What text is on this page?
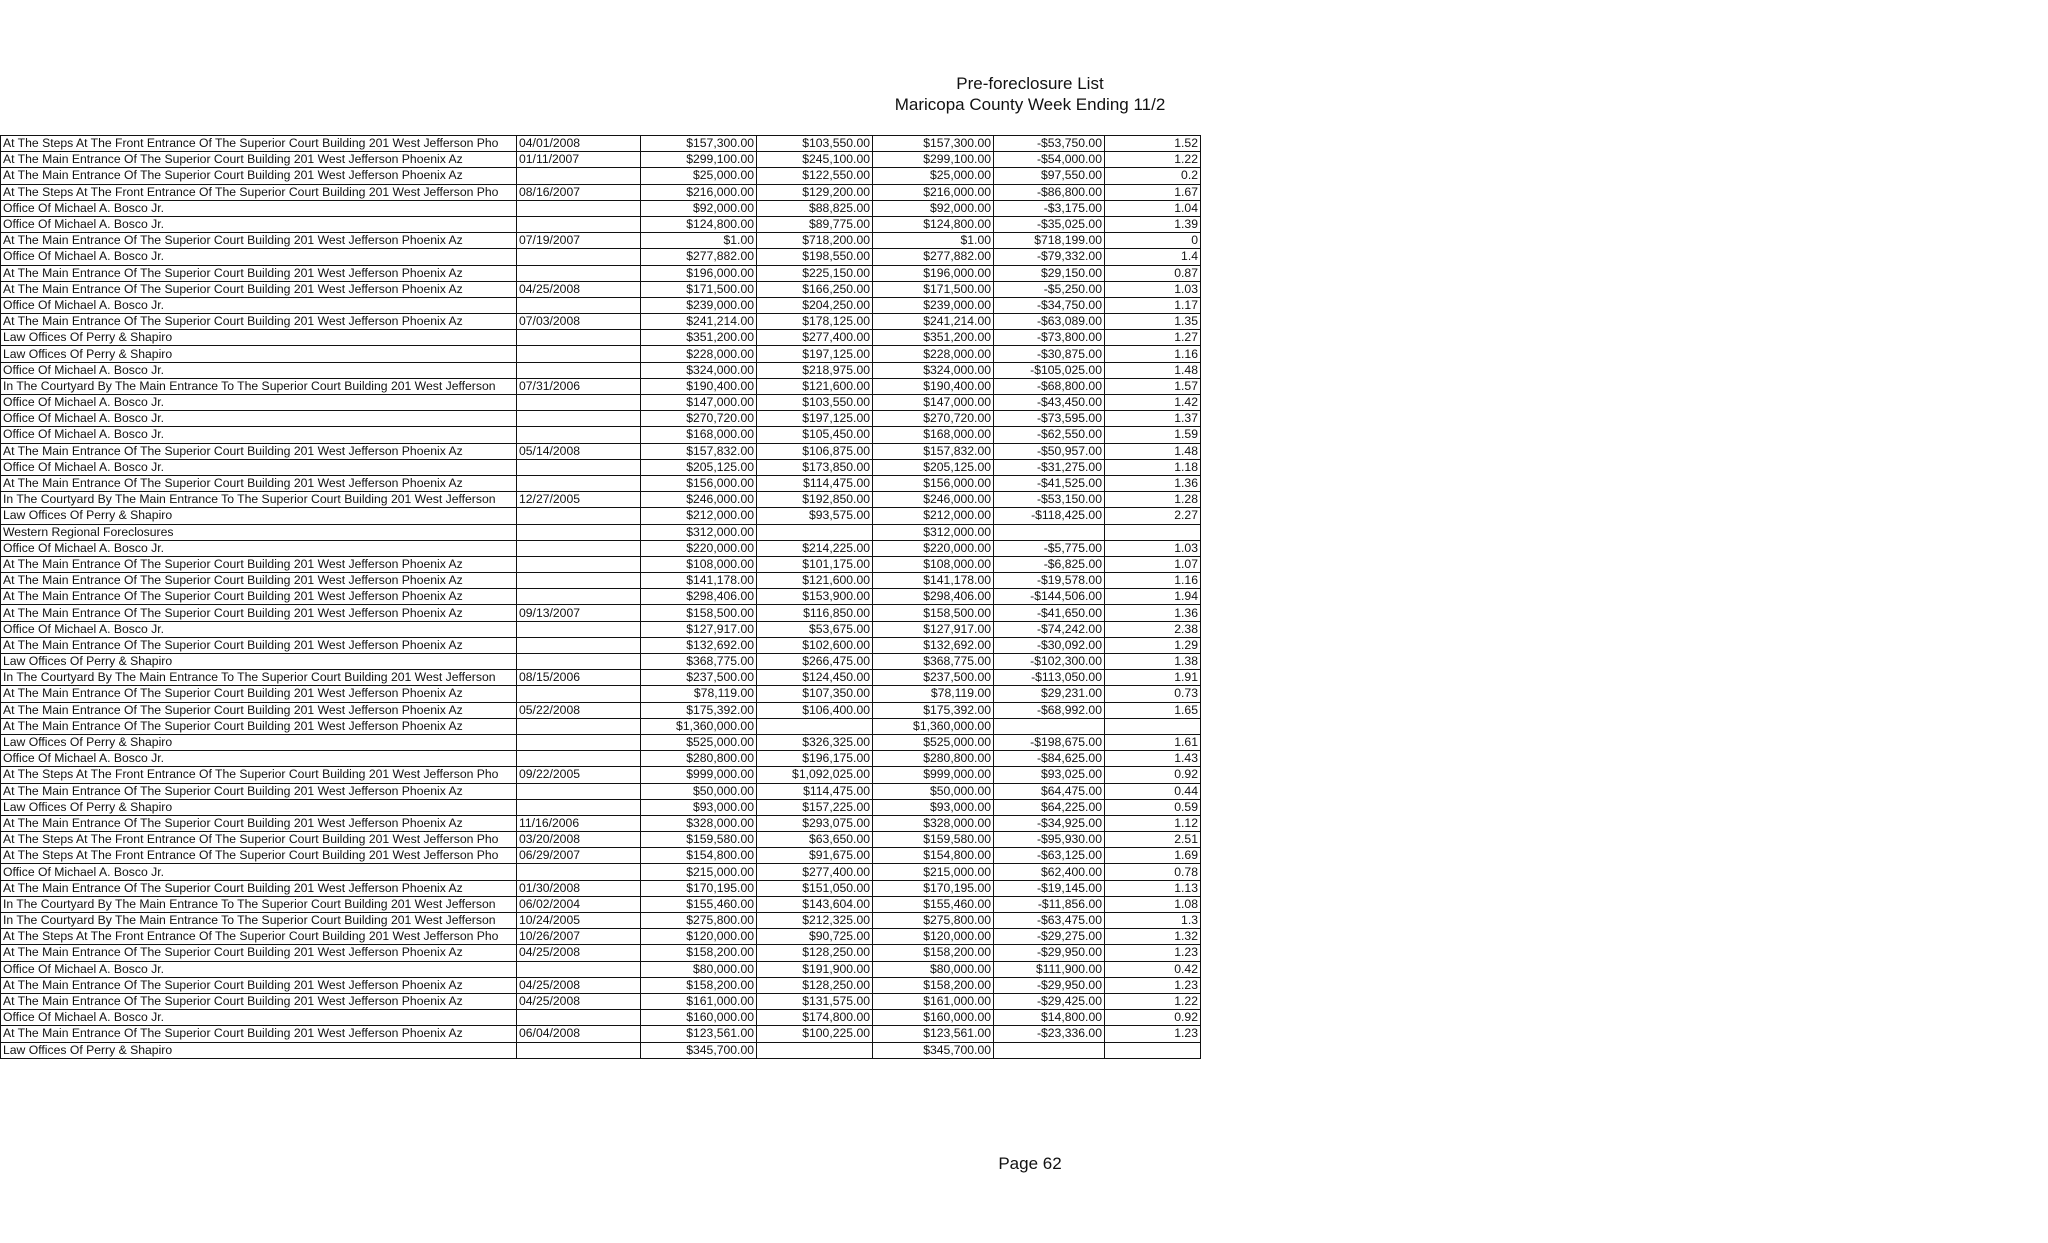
Pre-foreclosure List
Maricopa County Week Ending 11/2
At The Steps At The Front Entrance Of The Superior Court Building 201 West Jefferson Pho	04/01/2008	$157,300.00	$103,550.00	$157,300.00	-$53,750.00	1.52
At The Main Entrance Of The Superior Court Building 201 West Jefferson Phoenix Az	01/11/2007	$299,100.00	$245,100.00	$299,100.00	-$54,000.00	1.22
At The Main Entrance Of The Superior Court Building 201 West Jefferson Phoenix Az		$25,000.00	$122,550.00	$25,000.00	$97,550.00	0.2
At The Steps At The Front Entrance Of The Superior Court Building 201 West Jefferson Pho	08/16/2007	$216,000.00	$129,200.00	$216,000.00	-$86,800.00	1.67
Office Of Michael A. Bosco Jr.		$92,000.00	$88,825.00	$92,000.00	-$3,175.00	1.04
Office Of Michael A. Bosco Jr.		$124,800.00	$89,775.00	$124,800.00	-$35,025.00	1.39
At The Main Entrance Of The Superior Court Building 201 West Jefferson Phoenix Az	07/19/2007	$1.00	$718,200.00	$1.00	$718,199.00	0
Office Of Michael A. Bosco Jr.		$277,882.00	$198,550.00	$277,882.00	-$79,332.00	1.4
At The Main Entrance Of The Superior Court Building 201 West Jefferson Phoenix Az		$196,000.00	$225,150.00	$196,000.00	$29,150.00	0.87
At The Main Entrance Of The Superior Court Building 201 West Jefferson Phoenix Az	04/25/2008	$171,500.00	$166,250.00	$171,500.00	-$5,250.00	1.03
Office Of Michael A. Bosco Jr.		$239,000.00	$204,250.00	$239,000.00	-$34,750.00	1.17
At The Main Entrance Of The Superior Court Building 201 West Jefferson Phoenix Az	07/03/2008	$241,214.00	$178,125.00	$241,214.00	-$63,089.00	1.35
Law Offices Of Perry & Shapiro		$351,200.00	$277,400.00	$351,200.00	-$73,800.00	1.27
Law Offices Of Perry & Shapiro		$228,000.00	$197,125.00	$228,000.00	-$30,875.00	1.16
Office Of Michael A. Bosco Jr.		$324,000.00	$218,975.00	$324,000.00	-$105,025.00	1.48
In The Courtyard By The Main Entrance To The Superior Court Building 201 West Jefferson	07/31/2006	$190,400.00	$121,600.00	$190,400.00	-$68,800.00	1.57
Office Of Michael A. Bosco Jr.		$147,000.00	$103,550.00	$147,000.00	-$43,450.00	1.42
Office Of Michael A. Bosco Jr.		$270,720.00	$197,125.00	$270,720.00	-$73,595.00	1.37
Office Of Michael A. Bosco Jr.		$168,000.00	$105,450.00	$168,000.00	-$62,550.00	1.59
At The Main Entrance Of The Superior Court Building 201 West Jefferson Phoenix Az	05/14/2008	$157,832.00	$106,875.00	$157,832.00	-$50,957.00	1.48
Office Of Michael A. Bosco Jr.		$205,125.00	$173,850.00	$205,125.00	-$31,275.00	1.18
At The Main Entrance Of The Superior Court Building 201 West Jefferson Phoenix Az		$156,000.00	$114,475.00	$156,000.00	-$41,525.00	1.36
In The Courtyard By The Main Entrance To The Superior Court Building 201 West Jefferson	12/27/2005	$246,000.00	$192,850.00	$246,000.00	-$53,150.00	1.28
Law Offices Of Perry & Shapiro		$212,000.00	$93,575.00	$212,000.00	-$118,425.00	2.27
Western Regional Foreclosures		$312,000.00		$312,000.00		
Office Of Michael A. Bosco Jr.		$220,000.00	$214,225.00	$220,000.00	-$5,775.00	1.03
At The Main Entrance Of The Superior Court Building 201 West Jefferson Phoenix Az		$108,000.00	$101,175.00	$108,000.00	-$6,825.00	1.07
At The Main Entrance Of The Superior Court Building 201 West Jefferson Phoenix Az		$141,178.00	$121,600.00	$141,178.00	-$19,578.00	1.16
At The Main Entrance Of The Superior Court Building 201 West Jefferson Phoenix Az		$298,406.00	$153,900.00	$298,406.00	-$144,506.00	1.94
At The Main Entrance Of The Superior Court Building 201 West Jefferson Phoenix Az	09/13/2007	$158,500.00	$116,850.00	$158,500.00	-$41,650.00	1.36
Office Of Michael A. Bosco Jr.		$127,917.00	$53,675.00	$127,917.00	-$74,242.00	2.38
At The Main Entrance Of The Superior Court Building 201 West Jefferson Phoenix Az		$132,692.00	$102,600.00	$132,692.00	-$30,092.00	1.29
Law Offices Of Perry & Shapiro		$368,775.00	$266,475.00	$368,775.00	-$102,300.00	1.38
In The Courtyard By The Main Entrance To The Superior Court Building 201 West Jefferson	08/15/2006	$237,500.00	$124,450.00	$237,500.00	-$113,050.00	1.91
At The Main Entrance Of The Superior Court Building 201 West Jefferson Phoenix Az		$78,119.00	$107,350.00	$78,119.00	$29,231.00	0.73
At The Main Entrance Of The Superior Court Building 201 West Jefferson Phoenix Az	05/22/2008	$175,392.00	$106,400.00	$175,392.00	-$68,992.00	1.65
At The Main Entrance Of The Superior Court Building 201 West Jefferson Phoenix Az		$1,360,000.00		$1,360,000.00		
Law Offices Of Perry & Shapiro		$525,000.00	$326,325.00	$525,000.00	-$198,675.00	1.61
Office Of Michael A. Bosco Jr.		$280,800.00	$196,175.00	$280,800.00	-$84,625.00	1.43
At The Steps At The Front Entrance Of The Superior Court Building 201 West Jefferson Pho	09/22/2005	$999,000.00	$1,092,025.00	$999,000.00	$93,025.00	0.92
At The Main Entrance Of The Superior Court Building 201 West Jefferson Phoenix Az		$50,000.00	$114,475.00	$50,000.00	$64,475.00	0.44
Law Offices Of Perry & Shapiro		$93,000.00	$157,225.00	$93,000.00	$64,225.00	0.59
At The Main Entrance Of The Superior Court Building 201 West Jefferson Phoenix Az	11/16/2006	$328,000.00	$293,075.00	$328,000.00	-$34,925.00	1.12
At The Steps At The Front Entrance Of The Superior Court Building 201 West Jefferson Pho	03/20/2008	$159,580.00	$63,650.00	$159,580.00	-$95,930.00	2.51
At The Steps At The Front Entrance Of The Superior Court Building 201 West Jefferson Pho	06/29/2007	$154,800.00	$91,675.00	$154,800.00	-$63,125.00	1.69
Office Of Michael A. Bosco Jr.		$215,000.00	$277,400.00	$215,000.00	$62,400.00	0.78
At The Main Entrance Of The Superior Court Building 201 West Jefferson Phoenix Az	01/30/2008	$170,195.00	$151,050.00	$170,195.00	-$19,145.00	1.13
In The Courtyard By The Main Entrance To The Superior Court Building 201 West Jefferson	06/02/2004	$155,460.00	$143,604.00	$155,460.00	-$11,856.00	1.08
In The Courtyard By The Main Entrance To The Superior Court Building 201 West Jefferson	10/24/2005	$275,800.00	$212,325.00	$275,800.00	-$63,475.00	1.3
At The Steps At The Front Entrance Of The Superior Court Building 201 West Jefferson Pho	10/26/2007	$120,000.00	$90,725.00	$120,000.00	-$29,275.00	1.32
At The Main Entrance Of The Superior Court Building 201 West Jefferson Phoenix Az	04/25/2008	$158,200.00	$128,250.00	$158,200.00	-$29,950.00	1.23
Office Of Michael A. Bosco Jr.		$80,000.00	$191,900.00	$80,000.00	$111,900.00	0.42
At The Main Entrance Of The Superior Court Building 201 West Jefferson Phoenix Az	04/25/2008	$158,200.00	$128,250.00	$158,200.00	-$29,950.00	1.23
At The Main Entrance Of The Superior Court Building 201 West Jefferson Phoenix Az	04/25/2008	$161,000.00	$131,575.00	$161,000.00	-$29,425.00	1.22
Office Of Michael A. Bosco Jr.		$160,000.00	$174,800.00	$160,000.00	$14,800.00	0.92
At The Main Entrance Of The Superior Court Building 201 West Jefferson Phoenix Az	06/04/2008	$123,561.00	$100,225.00	$123,561.00	-$23,336.00	1.23
Law Offices Of Perry & Shapiro		$345,700.00		$345,700.00		
Page 62
